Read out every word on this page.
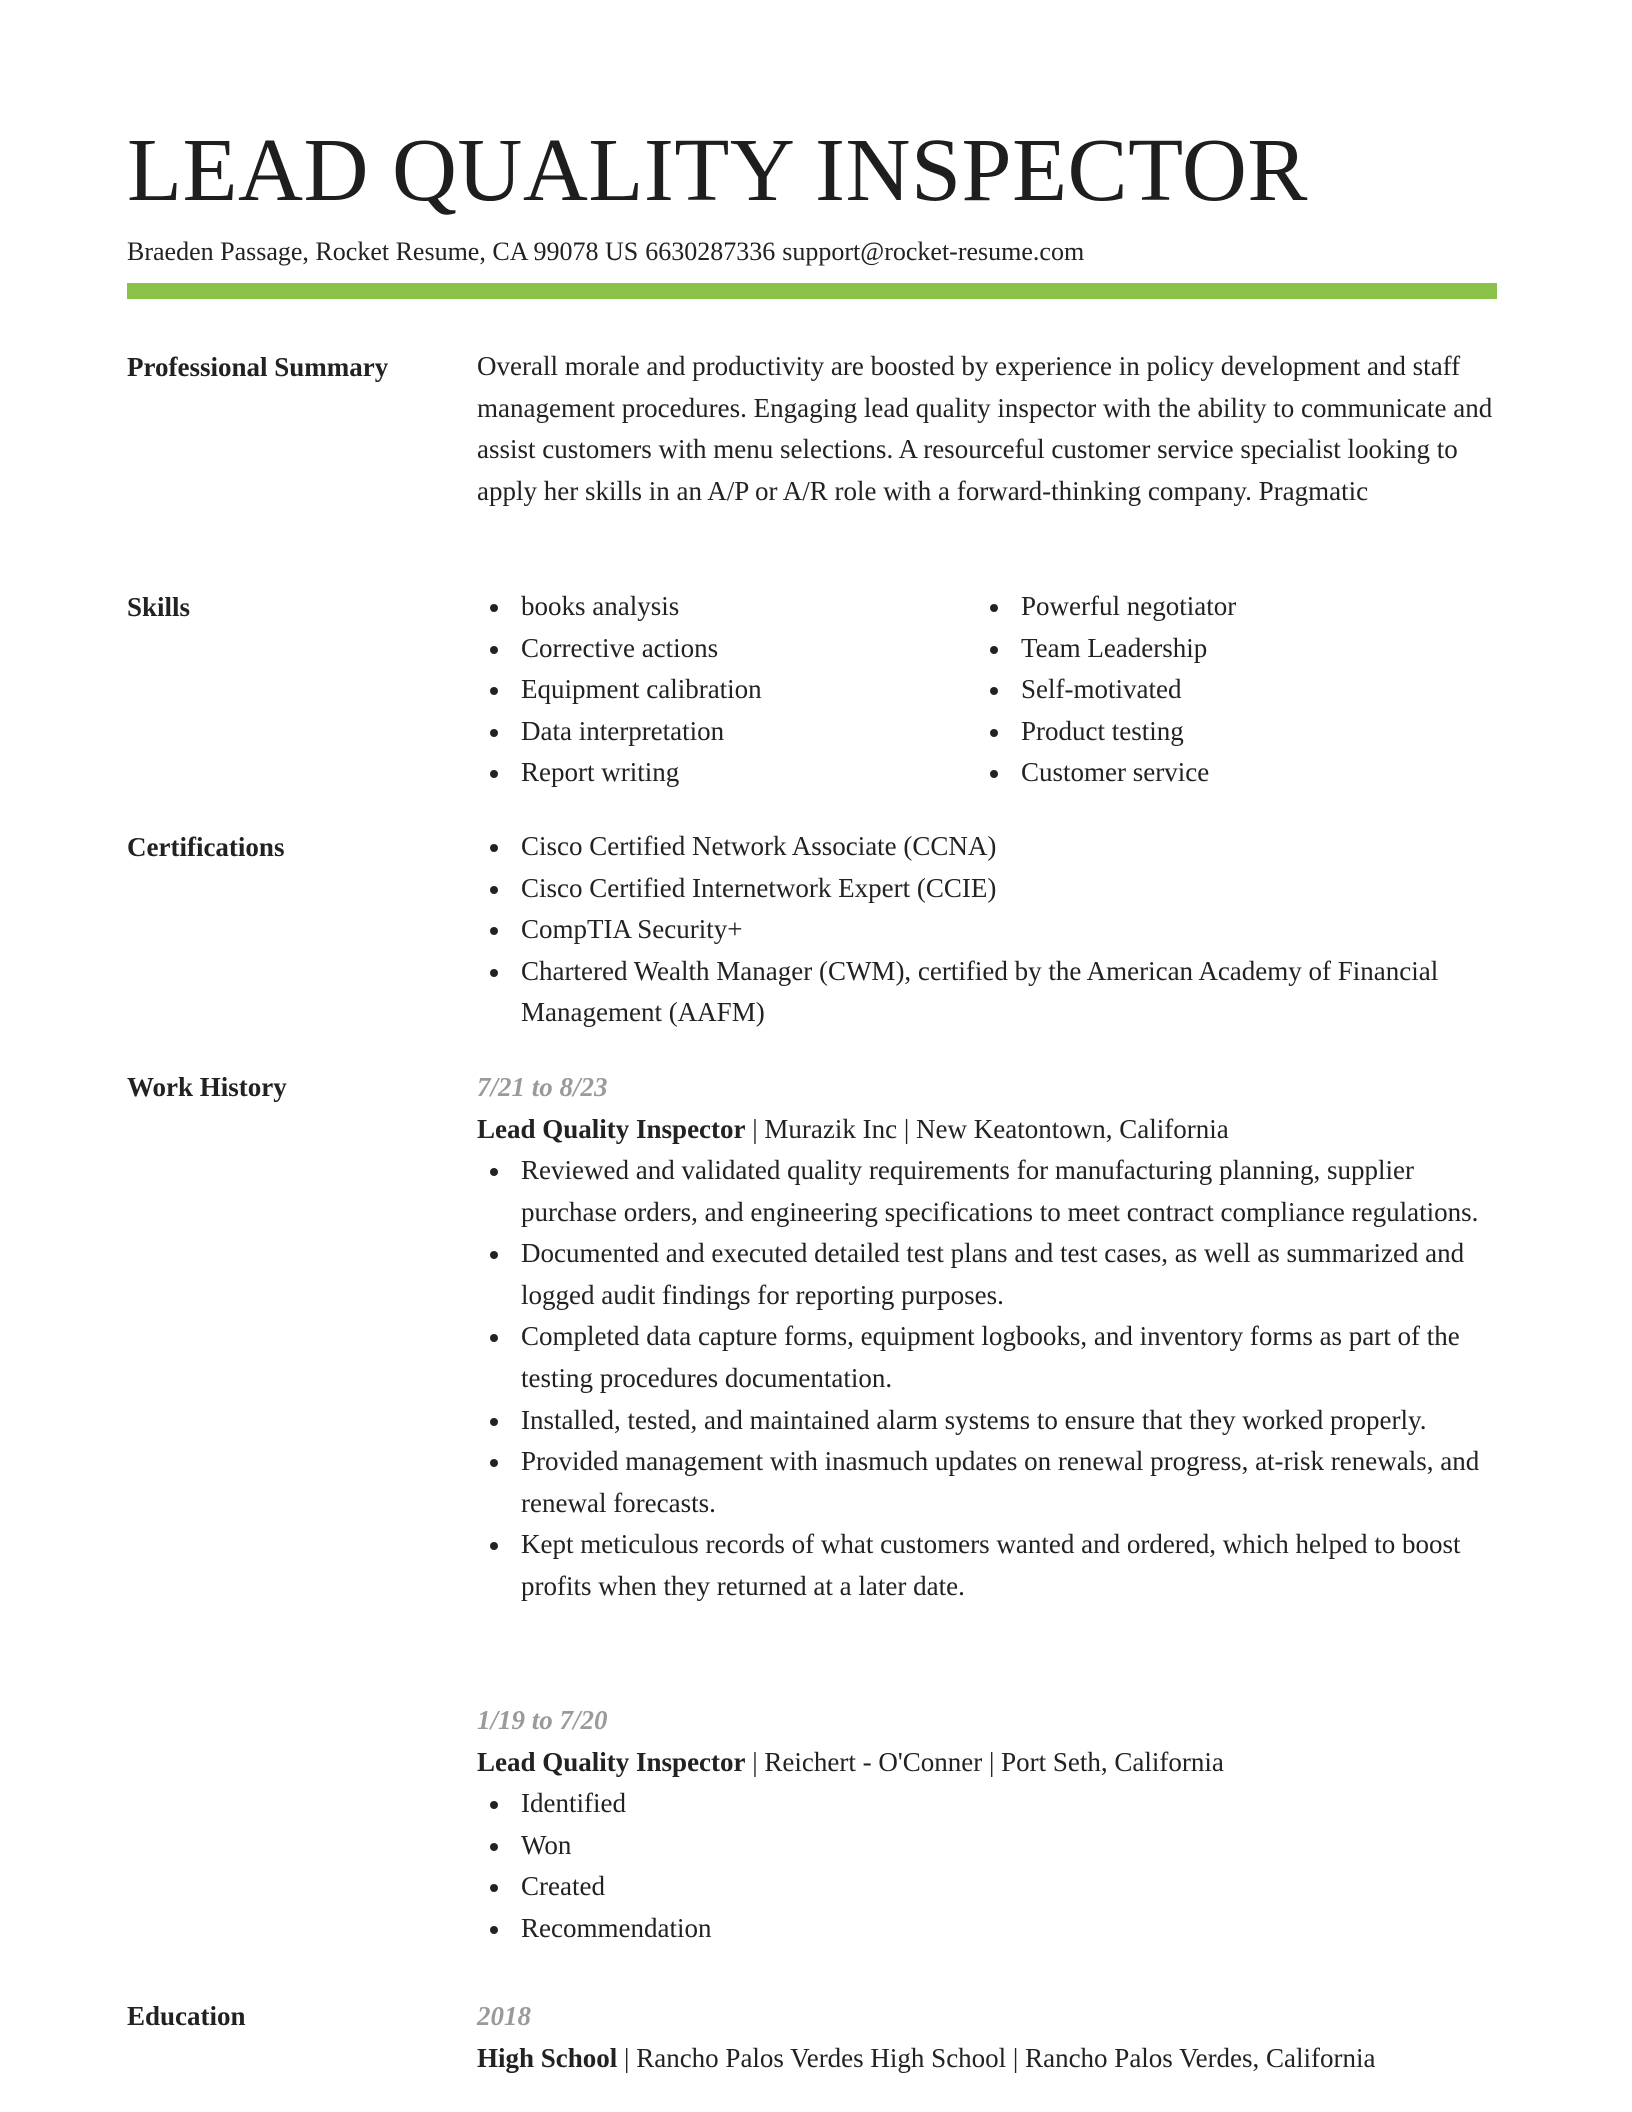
LEAD QUALITY INSPECTOR
Braeden Passage, Rocket Resume, CA 99078 US 6630287336 support@rocket-resume.com
Professional Summary	Overall morale and productivity are boosted by experience in policy development and staff management procedures. Engaging lead quality inspector with the ability to communicate and assist customers with menu selections. A resourceful customer service specialist looking to apply her skills in an A/P or A/R role with a forward-thinking company. Pragmatic
Skills	books analysis
Corrective actions
Equipment calibration
Data interpretation
Report writing
Powerful negotiator
Team Leadership
Self-motivated
Product testing
Customer service
Certifications	Cisco Certified Network Associate (CCNA)
Cisco Certified Internetwork Expert (CCIE)
CompTIA Security+
Chartered Wealth Manager (CWM), certified by the American Academy of Financial Management (AAFM)
Work History	7/21 to 8/23
Lead Quality Inspector | Murazik Inc | New Keatontown, California
Reviewed and validated quality requirements for manufacturing planning, supplier purchase orders, and engineering specifications to meet contract compliance regulations.
Documented and executed detailed test plans and test cases, as well as summarized and logged audit findings for reporting purposes.
Completed data capture forms, equipment logbooks, and inventory forms as part of the testing procedures documentation.
Installed, tested, and maintained alarm systems to ensure that they worked properly.
Provided management with inasmuch updates on renewal progress, at-risk renewals, and renewal forecasts.
Kept meticulous records of what customers wanted and ordered, which helped to boost profits when they returned at a later date.
1/19 to 7/20
Lead Quality Inspector | Reichert - O'Conner | Port Seth, California
Identified
Won
Created
Recommendation
Education	2018
High School | Rancho Palos Verdes High School | Rancho Palos Verdes, California
